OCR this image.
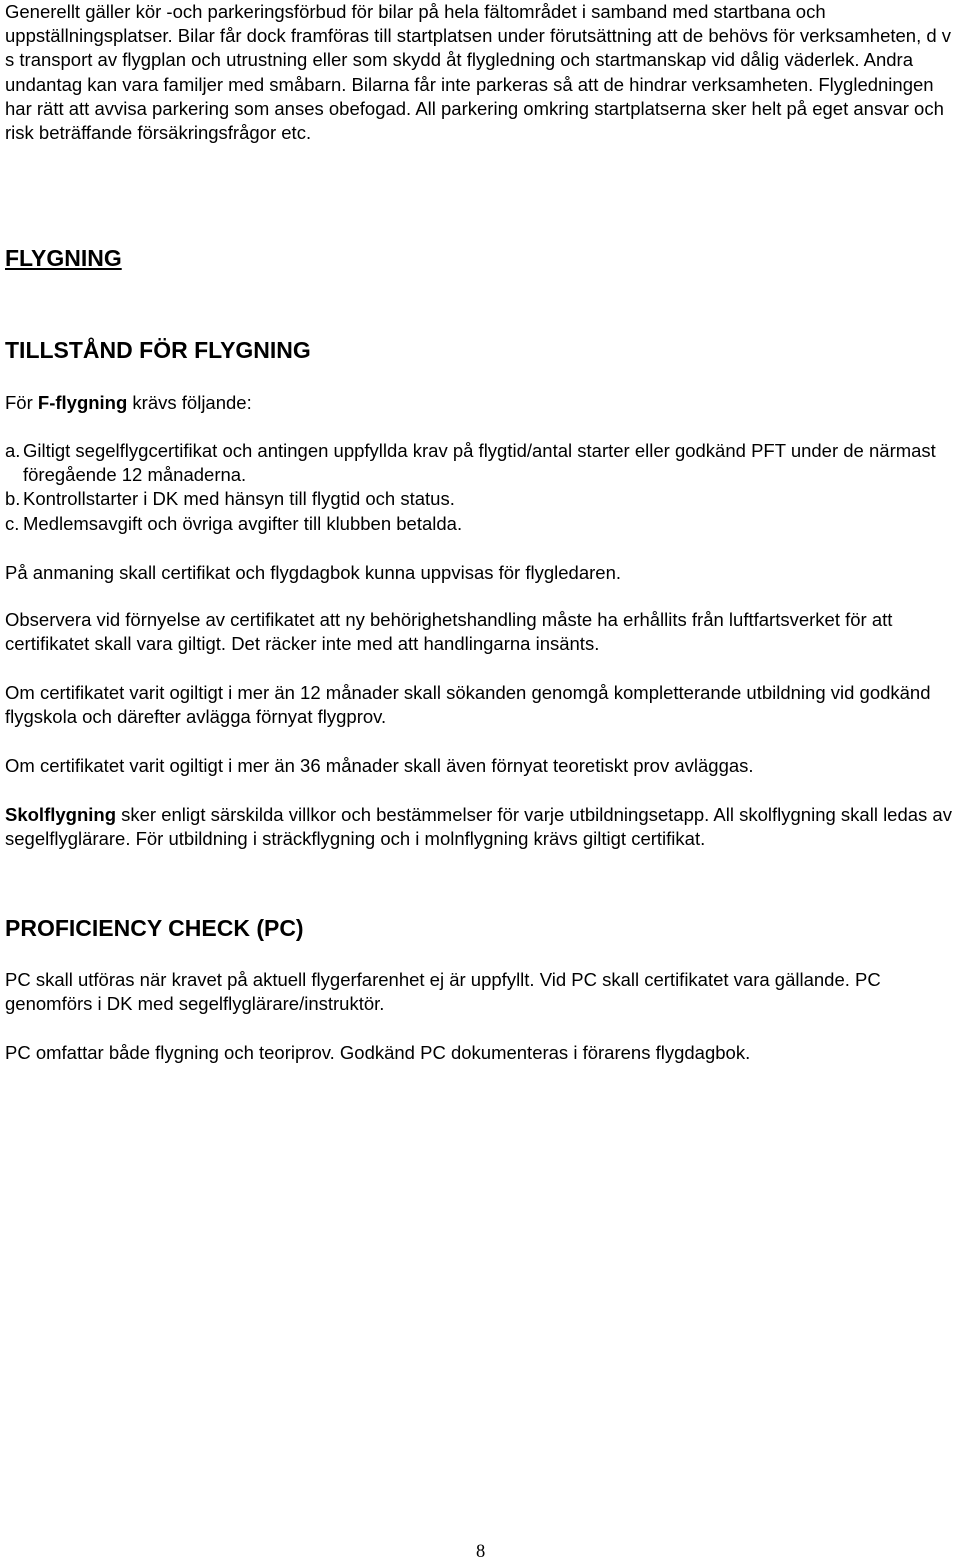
Generellt gäller kör -och parkeringsförbud för bilar på hela fältområdet i samband med startbana och uppställningsplatser. Bilar får dock framföras till startplatsen under förutsättning att de behövs för verksamheten, d v s transport av flygplan och utrustning eller som skydd åt flygledning och startmanskap vid dålig väderlek. Andra undantag kan vara familjer med småbarn. Bilarna får inte parkeras så att de hindrar verksamheten. Flygledningen har rätt att avvisa parkering som anses obefogad. All parkering omkring startplatserna sker helt på eget ansvar och risk beträffande försäkringsfrågor etc.

FLYGNING
TILLSTÅND FÖR FLYGNING

För F-flygning krävs följande:

a. Giltigt segelflygcertifikat och antingen uppfyllda krav på flygtid/antal starter eller godkänd PFT under de närmast föregående 12 månaderna.
b. Kontrollstarter i DK med hänsyn till flygtid och status.
c. Medlemsavgift och övriga avgifter till klubben betalda.

På anmaning skall certifikat och flygdagbok kunna uppvisas för flygledaren.

Observera vid förnyelse av certifikatet att ny behörighetshandling måste ha erhållits från luftfartsverket för att certifikatet skall vara giltigt. Det räcker inte med att handlingarna insänts.

Om certifikatet varit ogiltigt i mer än 12 månader skall sökanden genomgå kompletterande utbildning vid godkänd flygskola och därefter avlägga förnyat flygprov.

Om certifikatet varit ogiltigt i mer än 36 månader skall även förnyat teoretiskt prov avläggas.

Skolflygning sker enligt särskilda villkor och bestämmelser för varje utbildningsetapp. All skolflygning skall ledas av segelflyglärare. För utbildning i sträckflygning och i molnflygning krävs giltigt certifikat.

PROFICIENCY CHECK (PC)

PC skall utföras när kravet på aktuell flygerfarenhet ej är uppfyllt. Vid PC skall certifikatet vara gällande. PC genomförs i DK med segelflyglärare/instruktör.

PC omfattar både flygning och teoriprov. Godkänd PC dokumenteras i förarens flygdagbok.

8
